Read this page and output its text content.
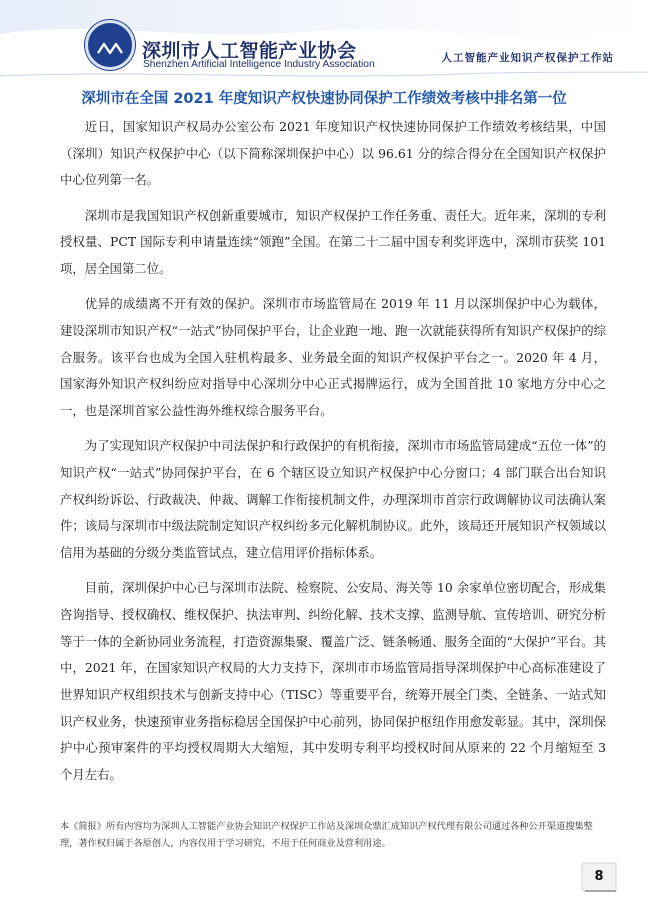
深圳市人工智能产业协会
Shenzhen Artificial Intelligence Industry Association
人工智能产业知识产权保护工作站
深圳市在全国 2021 年度知识产权快速协同保护工作绩效考核中排名第一位

近日，国家知识产权局办公室公布 2021 年度知识产权快速协同保护工作绩效考核结果，中国（深圳）知识产权保护中心（以下简称深圳保护中心）以 96.61 分的综合得分在全国知识产权保护中心位列第一名。

深圳市是我国知识产权创新重要城市，知识产权保护工作任务重、责任大。近年来，深圳的专利授权量、PCT 国际专利申请量连续“领跑”全国。在第二十二届中国专利奖评选中，深圳市获奖 101 项，居全国第二位。

优异的成绩离不开有效的保护。深圳市市场监管局在 2019 年 11 月以深圳保护中心为载体，建设深圳市知识产权“一站式”协同保护平台，让企业跑一地、跑一次就能获得所有知识产权保护的综合服务。该平台也成为全国入驻机构最多、业务最全面的知识产权保护平台之一。2020 年 4 月，国家海外知识产权纠纷应对指导中心深圳分中心正式揭牌运行，成为全国首批 10 家地方分中心之一，也是深圳首家公益性海外维权综合服务平台。

为了实现知识产权保护中司法保护和行政保护的有机衔接，深圳市市场监管局建成“五位一体”的知识产权“一站式”协同保护平台，在 6 个辖区设立知识产权保护中心分窗口；4 部门联合出台知识产权纠纷诉讼、行政裁决、仲裁、调解工作衔接机制文件，办理深圳市首宗行政调解协议司法确认案件；该局与深圳市中级法院制定知识产权纠纷多元化解机制协议。此外，该局还开展知识产权领域以信用为基础的分级分类监管试点，建立信用评价指标体系。

目前，深圳保护中心已与深圳市法院、检察院、公安局、海关等 10 余家单位密切配合，形成集咨询指导、授权确权、维权保护、执法审判、纠纷化解、技术支撑、监测导航、宣传培训、研究分析等于一体的全新协同业务流程，打造资源集聚、覆盖广泛、链条畅通、服务全面的“大保护”平台。其中，2021 年，在国家知识产权局的大力支持下，深圳市市场监管局指导深圳保护中心高标准建设了世界知识产权组织技术与创新支持中心（TISC）等重要平台，统筹开展全门类、全链条、一站式知识产权业务，快速预审业务指标稳居全国保护中心前列，协同保护枢纽作用愈发彰显。其中，深圳保护中心预审案件的平均授权周期大大缩短，其中发明专利平均授权时间从原来的 22 个月缩短至 3 个月左右。

本《简报》所有内容均为深圳人工智能产业协会知识产权保护工作站及深圳众鼎汇成知识产权代理有限公司通过各种公开渠道搜集整理，著作权归属于各原创人，内容仅用于学习研究，不用于任何商业及营利用途。
8
